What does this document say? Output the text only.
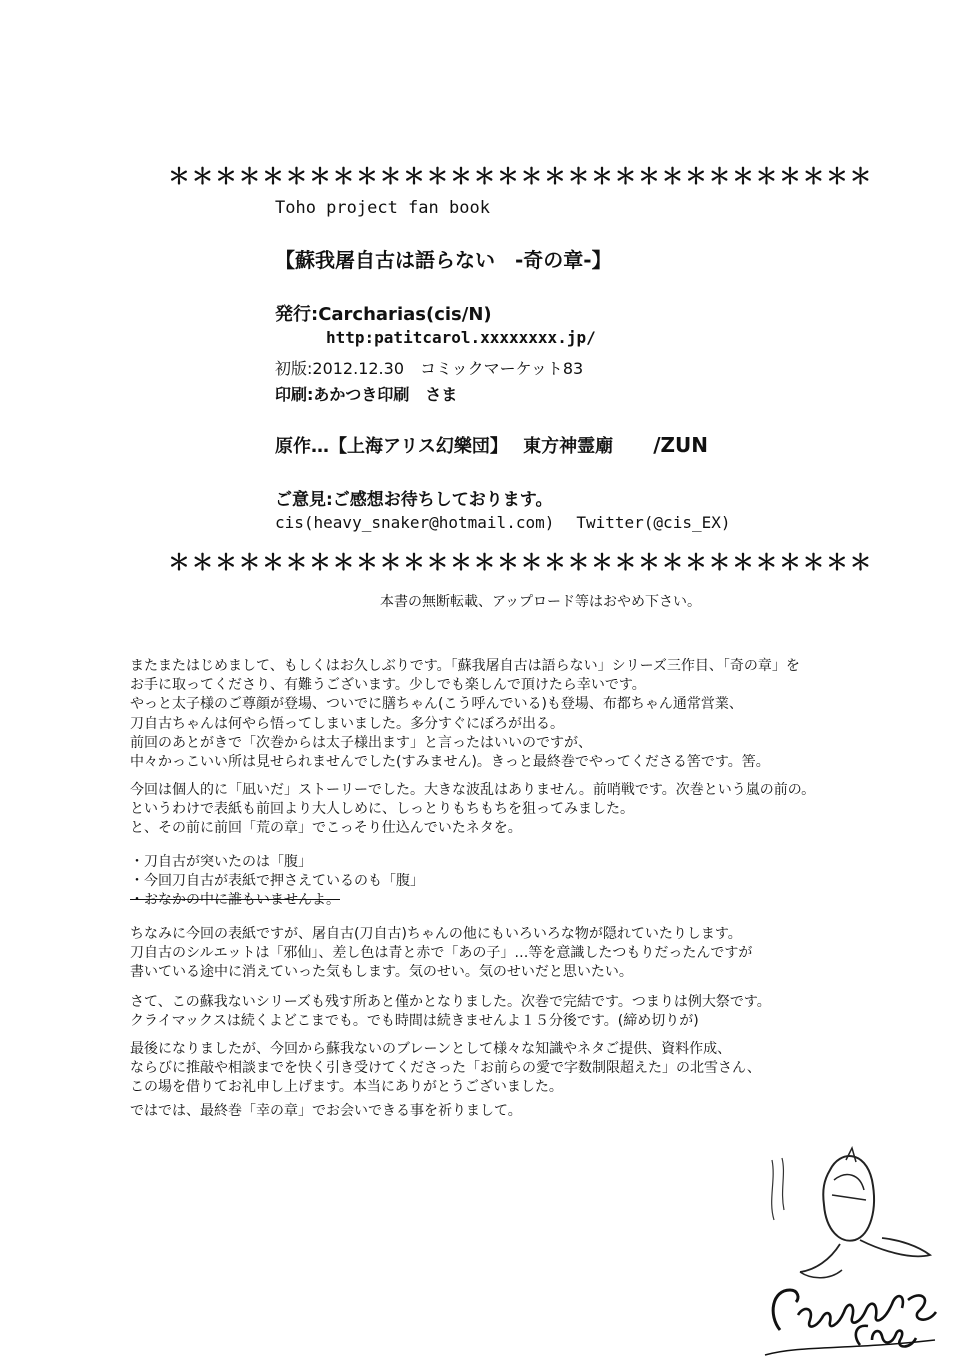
＊＊＊＊＊＊＊＊＊＊＊＊＊＊＊＊＊＊＊＊＊＊＊＊＊＊＊＊＊＊
Toho project fan book
【蘇我屠自古は語らない　-奇の章-】
発行:Carcharias(cis/N)
http:patitcarol.xxxxxxxx.jp/
初版:2012.12.30　コミックマーケット83
印刷:あかつき印刷　さま
原作…【上海アリス幻樂団】　 東方神霊廟 /ZUN
ご意見:ご感想お待ちしております。
cis(heavy_snaker@hotmail.com) Twitter(@cis_EX)
＊＊＊＊＊＊＊＊＊＊＊＊＊＊＊＊＊＊＊＊＊＊＊＊＊＊＊＊＊＊
本書の無断転載、アップロード等はおやめ下さい。

またまたはじめまして、もしくはお久しぶりです。「蘇我屠自古は語らない」シリーズ三作目、「奇の章」を

お手に取ってくださり、有難うございます。少しでも楽しんで頂けたら幸いです。

やっと太子様のご尊顔が登場、ついでに膳ちゃん(こう呼んでいる)も登場、布都ちゃん通常営業、

刀自古ちゃんは何やら悟ってしまいました。多分すぐにぼろが出る。

前回のあとがきで「次巻からは太子様出ます」と言ったはいいのですが、

中々かっこいい所は見せられませんでした(すみません)。きっと最終巻でやってくださる筈です。筈。

今回は個人的に「凪いだ」ストーリーでした。大きな波乱はありません。前哨戦です。次巻という嵐の前の。

というわけで表紙も前回より大人しめに、しっとりもちもちを狙ってみました。

と、その前に前回「荒の章」でこっそり仕込んでいたネタを。

・刀自古が突いたのは「腹」

・今回刀自古が表紙で押さえているのも「腹」

・おなかの中に誰もいませんよ。

ちなみに今回の表紙ですが、屠自古(刀自古)ちゃんの他にもいろいろな物が隠れていたりします。

刀自古のシルエットは「邪仙」、差し色は青と赤で「あの子」…等を意識したつもりだったんですが

書いている途中に消えていった気もします。気のせい。気のせいだと思いたい。

さて、この蘇我ないシリーズも残す所あと僅かとなりました。次巻で完結です。つまりは例大祭です。

クライマックスは続くよどこまでも。でも時間は続きませんよ１５分後です。(締め切りが)

最後になりましたが、今回から蘇我ないのブレーンとして様々な知識やネタご提供、資料作成、

ならびに推敲や相談までを快く引き受けてくださった「お前らの愛で字数制限超えた」の北雪さん、

この場を借りてお礼申し上げます。本当にありがとうございました。

ではでは、最終巻「幸の章」でお会いできる事を祈りまして。
